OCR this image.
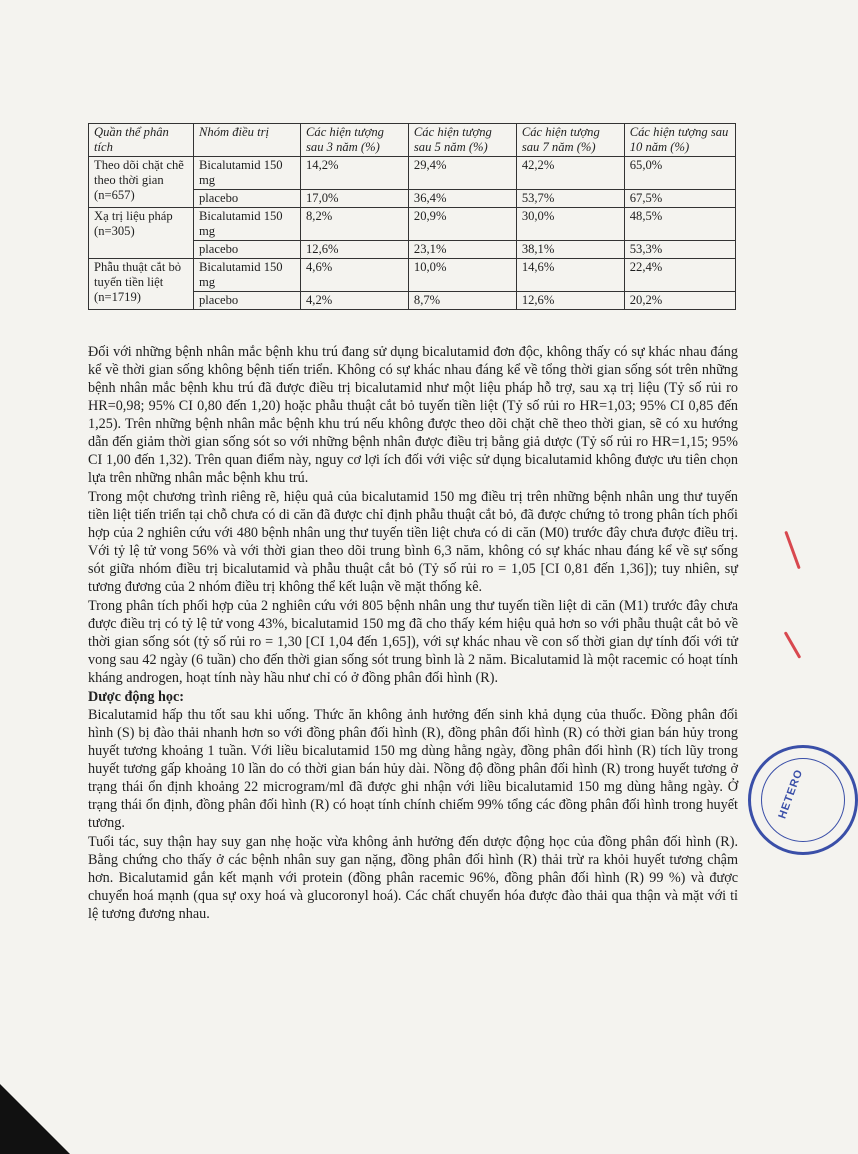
HETERO
Quần thể phân tích	Nhóm điều trị	Các hiện tượng sau 3 năm (%)	Các hiện tượng sau 5 năm (%)	Các hiện tượng sau 7 năm (%)	Các hiện tượng sau 10 năm (%)
Theo dõi chặt chẽ theo thời gian (n=657)	Bicalutamid 150 mg	14,2%	29,4%	42,2%	65,0%
	placebo	17,0%	36,4%	53,7%	67,5%
Xạ trị liệu pháp (n=305)	Bicalutamid 150 mg	8,2%	20,9%	30,0%	48,5%
	placebo	12,6%	23,1%	38,1%	53,3%
Phẫu thuật cắt bỏ tuyến tiền liệt (n=1719)	Bicalutamid 150 mg	4,6%	10,0%	14,6%	22,4%
	placebo	4,2%	8,7%	12,6%	20,2%

Đối với những bệnh nhân mắc bệnh khu trú đang sử dụng bicalutamid đơn độc, không thấy có sự khác nhau đáng kể về thời gian sống không bệnh tiến triển. Không có sự khác nhau đáng kể về tổng thời gian sống sót trên những bệnh nhân mắc bệnh khu trú đã được điều trị bicalutamid như một liệu pháp hỗ trợ, sau xạ trị liệu (Tỷ số rủi ro HR=0,98; 95% CI 0,80 đến 1,20) hoặc phẫu thuật cắt bỏ tuyến tiền liệt (Tỷ số rủi ro HR=1,03; 95% CI 0,85 đến 1,25). Trên những bệnh nhân mắc bệnh khu trú nếu không được theo dõi chặt chẽ theo thời gian, sẽ có xu hướng dẫn đến giảm thời gian sống sót so với những bệnh nhân được điều trị bằng giả dược (Tỷ số rủi ro HR=1,15; 95% CI 1,00 đến 1,32). Trên quan điểm này, nguy cơ lợi ích đối với việc sử dụng bicalutamid không được ưu tiên chọn lựa trên những nhân mắc bệnh khu trú.

Trong một chương trình riêng rẽ, hiệu quả của bicalutamid 150 mg điều trị trên những bệnh nhân ung thư tuyến tiền liệt tiến triển tại chỗ chưa có di căn đã được chỉ định phẫu thuật cắt bỏ, đã được chứng tỏ trong phân tích phối hợp của 2 nghiên cứu với 480 bệnh nhân ung thư tuyến tiền liệt chưa có di căn (M0) trước đây chưa được điều trị. Với tỷ lệ tử vong 56% và với thời gian theo dõi trung bình 6,3 năm, không có sự khác nhau đáng kể về sự sống sót giữa nhóm điều trị bicalutamid và phẫu thuật cắt bỏ (Tỷ số rủi ro = 1,05 [CI 0,81 đến 1,36]); tuy nhiên, sự tương đương của 2 nhóm điều trị không thể kết luận về mặt thống kê.

Trong phân tích phối hợp của 2 nghiên cứu với 805 bệnh nhân ung thư tuyến tiền liệt di căn (M1) trước đây chưa được điều trị có tỷ lệ tử vong 43%, bicalutamid 150 mg đã cho thấy kém hiệu quả hơn so với phẫu thuật cắt bỏ về thời gian sống sót (tỷ số rủi ro = 1,30 [CI 1,04 đến 1,65]), với sự khác nhau về con số thời gian dự tính đối với tử vong sau 42 ngày (6 tuần) cho đến thời gian sống sót trung bình là 2 năm. Bicalutamid là một racemic có hoạt tính kháng androgen, hoạt tính này hầu như chỉ có ở đồng phân đối hình (R).

Dược động học:

Bicalutamid hấp thu tốt sau khi uống. Thức ăn không ảnh hưởng đến sinh khả dụng của thuốc. Đồng phân đối hình (S) bị đào thải nhanh hơn so với đồng phân đối hình (R), đồng phân đối hình (R) có thời gian bán hủy trong huyết tương khoảng 1 tuần. Với liều bicalutamid 150 mg dùng hằng ngày, đồng phân đối hình (R) tích lũy trong huyết tương gấp khoảng 10 lần do có thời gian bán hủy dài. Nồng độ đồng phân đối hình (R) trong huyết tương ở trạng thái ổn định khoảng 22 microgram/ml đã được ghi nhận với liều bicalutamid 150 mg dùng hằng ngày. Ở trạng thái ổn định, đồng phân đối hình (R) có hoạt tính chính chiếm 99% tổng các đồng phân đối hình trong huyết tương.

Tuổi tác, suy thận hay suy gan nhẹ hoặc vừa không ảnh hưởng đến dược động học của đồng phân đối hình (R). Bằng chứng cho thấy ở các bệnh nhân suy gan nặng, đồng phân đối hình (R) thải trừ ra khỏi huyết tương chậm hơn. Bicalutamid gắn kết mạnh với protein (đồng phân racemic 96%, đồng phân đối hình (R) 99 %) và được chuyển hoá mạnh (qua sự oxy hoá và glucoronyl hoá). Các chất chuyển hóa được đào thải qua thận và mặt với tỉ lệ tương đương nhau.
